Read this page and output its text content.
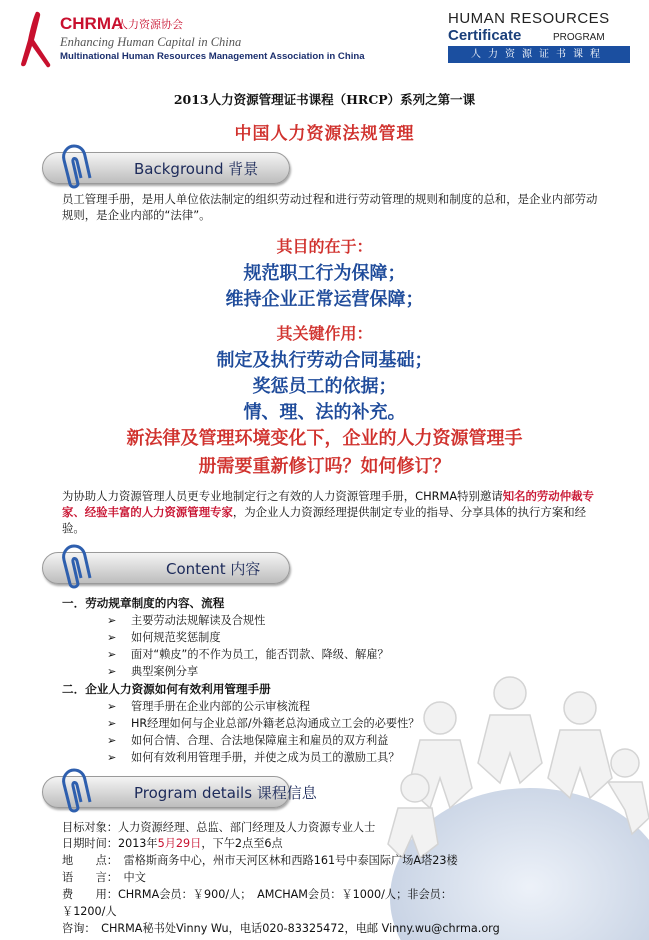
CHRMA
人力资源协会
Enhancing Human Capital in China
Multinational Human Resources Management Association in China
HUMAN RESOURCES
Certificate	PROGRAM
人力资源证书课程
2013人力资源管理证书课程（HRCP）系列之第一课
中国人力资源法规管理
Background 背景
员工管理手册，是用人单位依法制定的组织劳动过程和进行劳动管理的规则和制度的总和，是企业内部劳动规则，是企业内部的“法律”。
其目的在于：
规范职工行为保障；
维持企业正常运营保障；
其关键作用：
制定及执行劳动合同基础；
奖惩员工的依据；
情、理、法的补充。
新法律及管理环境变化下，企业的人力资源管理手
册需要重新修订吗？如何修订？
为协助人力资源管理人员更专业地制定行之有效的人力资源管理手册，CHRMA特别邀请知名的劳动仲裁专家、经验丰富的人力资源管理专家，为企业人力资源经理提供制定专业的指导、分享具体的执行方案和经验。
Content 内容
一．劳动规章制度的内容、流程
➢ 主要劳动法规解读及合规性
➢ 如何规范奖惩制度
➢ 面对“赖皮”的不作为员工，能否罚款、降级、解雇？
➢ 典型案例分享
二．企业人力资源如何有效利用管理手册
➢ 管理手册在企业内部的公示审核流程
➢ HR经理如何与企业总部/外籍老总沟通成立工会的必要性？
➢ 如何合情、合理、合法地保障雇主和雇员的双方利益
➢ 如何有效利用管理手册，并使之成为员工的激励工具？
Program details 课程信息
目标对象：人力资源经理、总监、部门经理及人力资源专业人士
日期时间：2013年5月29日，下午2点至6点
地　　点：　雷格斯商务中心，州市天河区林和西路161号中泰国际广场A塔23楼
语　　言：　中文
费　　用：CHRMA会员：￥900/人；　AMCHAM会员：￥1000/人；非会员：
￥1200/人
咨询：　CHRMA秘书处Vinny Wu，电话020-83325472，电邮 Vinny.wu@chrma.org
